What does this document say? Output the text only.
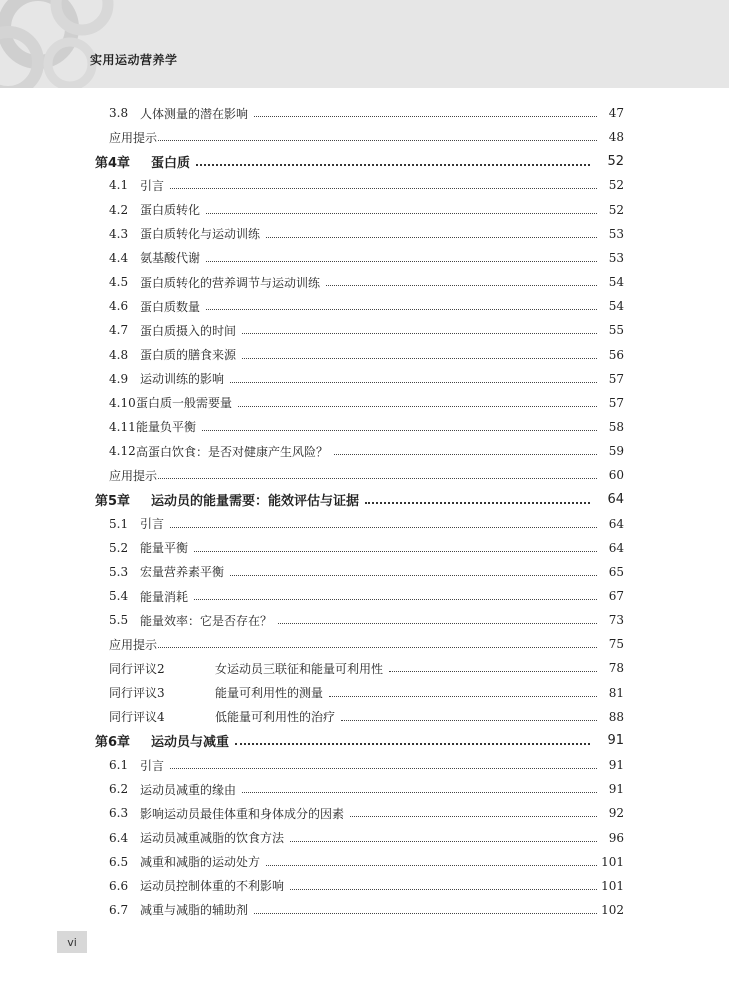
实用运动营养学
3.8 人体测量的潜在影响	47
应用提示	48
第4章	蛋白质	52
4.1 引言	52
4.2 蛋白质转化	52
4.3 蛋白质转化与运动训练	53
4.4 氨基酸代谢	53
4.5 蛋白质转化的营养调节与运动训练	54
4.6 蛋白质数量	54
4.7 蛋白质摄入的时间	55
4.8 蛋白质的膳食来源	56
4.9 运动训练的影响	57
4.10 蛋白质一般需要量	57
4.11 能量负平衡	58
4.12 高蛋白饮食：是否对健康产生风险？	59
应用提示	60
第5章	运动员的能量需要：能效评估与证据	64
5.1 引言	64
5.2 能量平衡	64
5.3 宏量营养素平衡	65
5.4 能量消耗	67
5.5 能量效率：它是否存在？	73
应用提示	75
同行评议2	女运动员三联征和能量可利用性	78
同行评议3	能量可利用性的测量	81
同行评议4	低能量可利用性的治疗	88
第6章	运动员与减重	91
6.1 引言	91
6.2 运动员减重的缘由	91
6.3 影响运动员最佳体重和身体成分的因素	92
6.4 运动员减重减脂的饮食方法	96
6.5 减重和减脂的运动处方	101
6.6 运动员控制体重的不利影响	101
6.7 减重与减脂的辅助剂	102
vi
